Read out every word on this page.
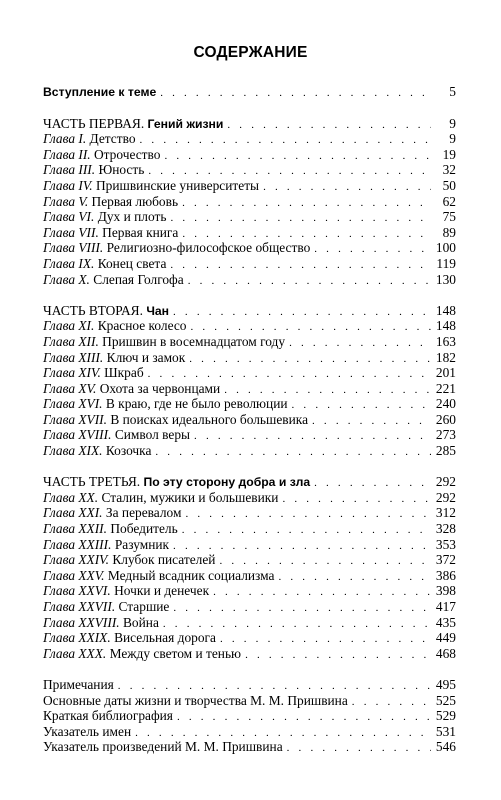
СОДЕРЖАНИЕ
Вступление к теме . . .	5
ЧАСТЬ ПЕРВАЯ. Гений жизни . . .	9
Глава I. Детство . . .	9
Глава II. Отрочество . . .	19
Глава III. Юность . . .	32
Глава IV. Пришвинские университеты . . .	50
Глава V. Первая любовь . . .	62
Глава VI. Дух и плоть . . .	75
Глава VII. Первая книга . . .	89
Глава VIII. Религиозно-философское общество . . .	100
Глава IX. Конец света . . .	119
Глава X. Слепая Голгофа . . .	130
ЧАСТЬ ВТОРАЯ. Чан . . .	148
Глава XI. Красное колесо . . .	148
Глава XII. Пришвин в восемнадцатом году . . .	163
Глава XIII. Ключ и замок . . .	182
Глава XIV. Шкраб . . .	201
Глава XV. Охота за червонцами . . .	221
Глава XVI. В краю, где не было революции . . .	240
Глава XVII. В поисках идеального большевика . . .	260
Глава XVIII. Символ веры . . .	273
Глава XIX. Козочка . . .	285
ЧАСТЬ ТРЕТЬЯ. По эту сторону добра и зла . . .	292
Глава XX. Сталин, мужики и большевики . . .	292
Глава XXI. За перевалом . . .	312
Глава XXII. Победитель . . .	328
Глава XXIII. Разумник . . .	353
Глава XXIV. Клубок писателей . . .	372
Глава XXV. Медный всадник социализма . . .	386
Глава XXVI. Ночки и денечек . . .	398
Глава XXVII. Старшие . . .	417
Глава XXVIII. Война . . .	435
Глава XXIX. Висельная дорога . . .	449
Глава XXX. Между светом и тенью . . .	468
Примечания . . .	495
Основные даты жизни и творчества М. М. Пришвина . . .	525
Краткая библиография . . .	529
Указатель имен . . .	531
Указатель произведений М. М. Пришвина . . .	546
